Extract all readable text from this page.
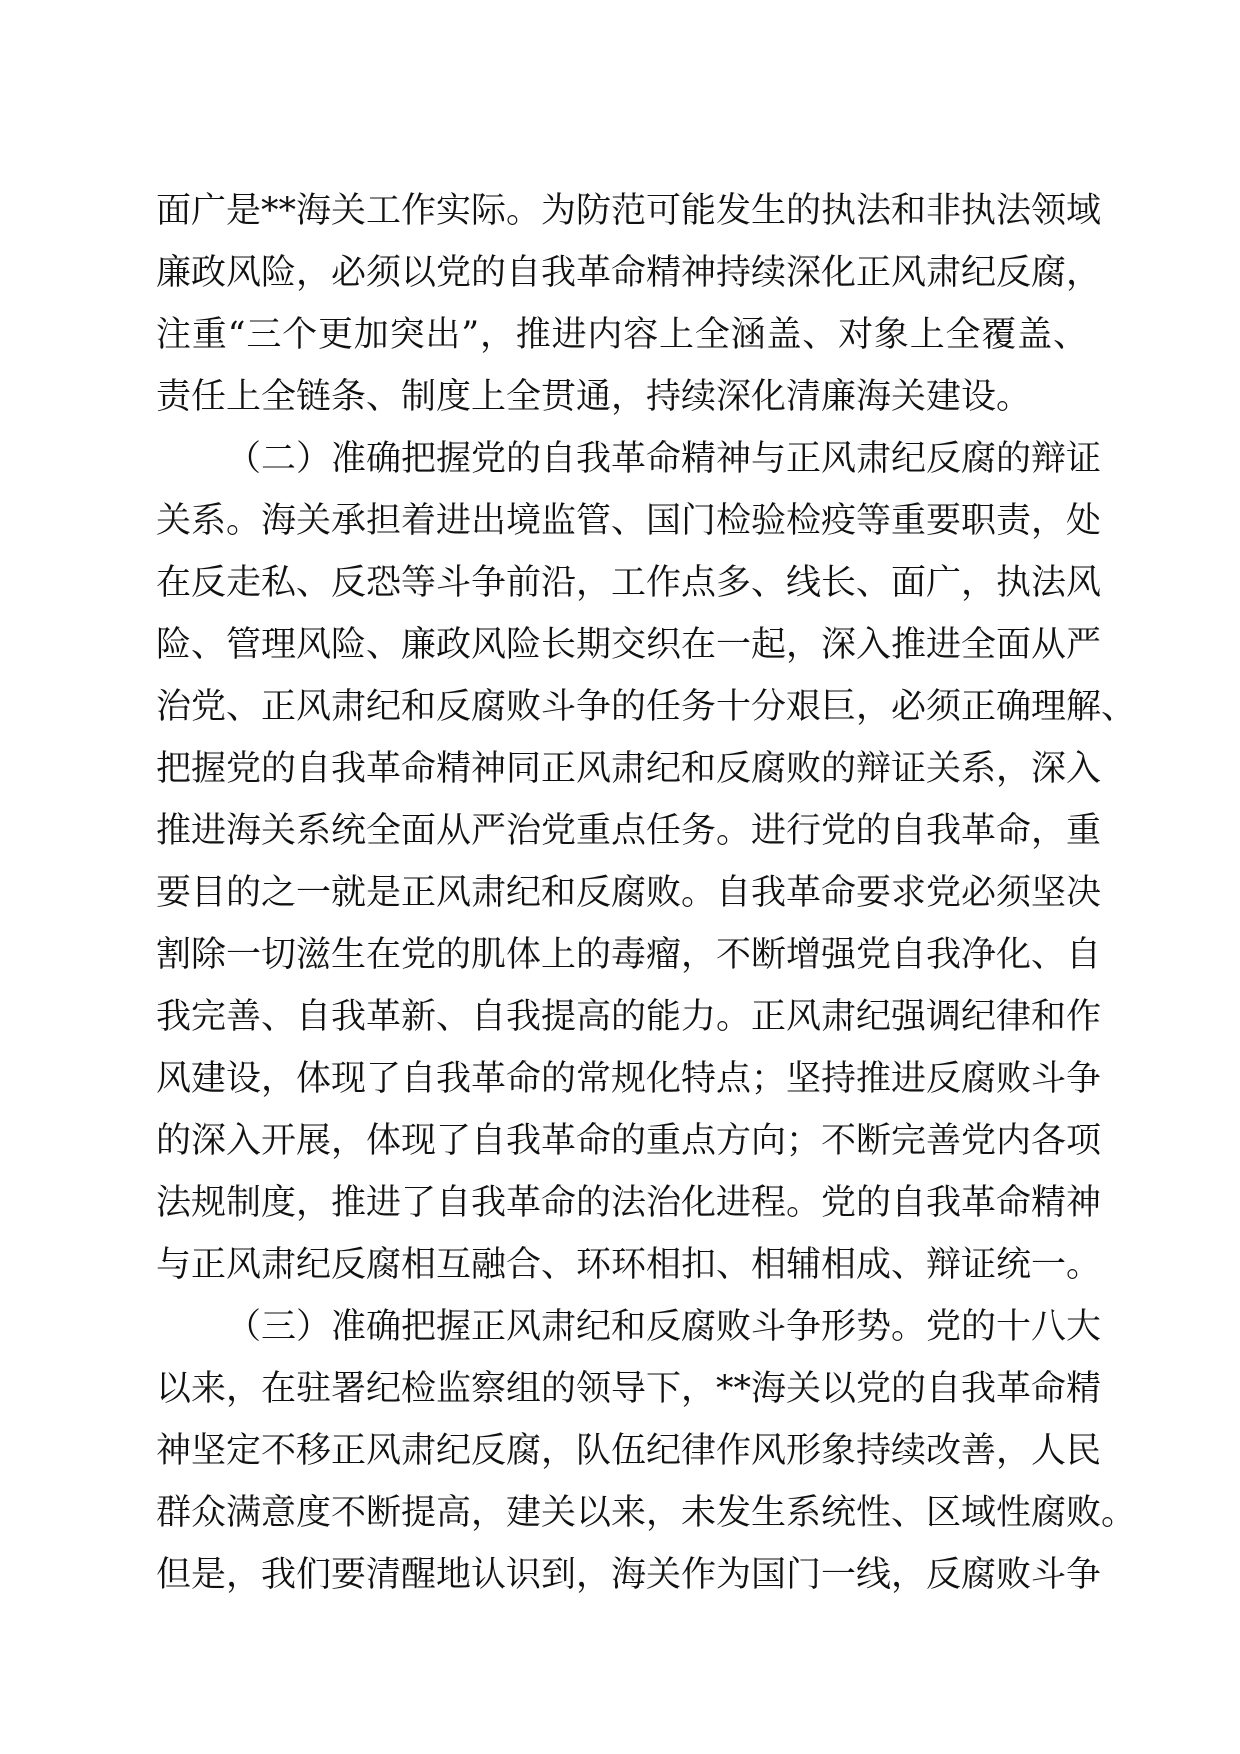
面广是**海关工作实际。为防范可能发生的执法和非执法领域
廉政风险，必须以党的自我革命精神持续深化正风肃纪反腐，
注重“三个更加突出”，推进内容上全涵盖、对象上全覆盖、
责任上全链条、制度上全贯通，持续深化清廉海关建设。
（二）准确把握党的自我革命精神与正风肃纪反腐的辩证
关系。海关承担着进出境监管、国门检验检疫等重要职责，处
在反走私、反恐等斗争前沿，工作点多、线长、面广，执法风
险、管理风险、廉政风险长期交织在一起，深入推进全面从严
治党、正风肃纪和反腐败斗争的任务十分艰巨，必须正确理解、
把握党的自我革命精神同正风肃纪和反腐败的辩证关系，深入
推进海关系统全面从严治党重点任务。进行党的自我革命，重
要目的之一就是正风肃纪和反腐败。自我革命要求党必须坚决
割除一切滋生在党的肌体上的毒瘤，不断增强党自我净化、自
我完善、自我革新、自我提高的能力。正风肃纪强调纪律和作
风建设，体现了自我革命的常规化特点；坚持推进反腐败斗争
的深入开展，体现了自我革命的重点方向；不断完善党内各项
法规制度，推进了自我革命的法治化进程。党的自我革命精神
与正风肃纪反腐相互融合、环环相扣、相辅相成、辩证统一。
（三）准确把握正风肃纪和反腐败斗争形势。党的十八大
以来，在驻署纪检监察组的领导下，**海关以党的自我革命精
神坚定不移正风肃纪反腐，队伍纪律作风形象持续改善，人民
群众满意度不断提高，建关以来，未发生系统性、区域性腐败。
但是，我们要清醒地认识到，海关作为国门一线，反腐败斗争
